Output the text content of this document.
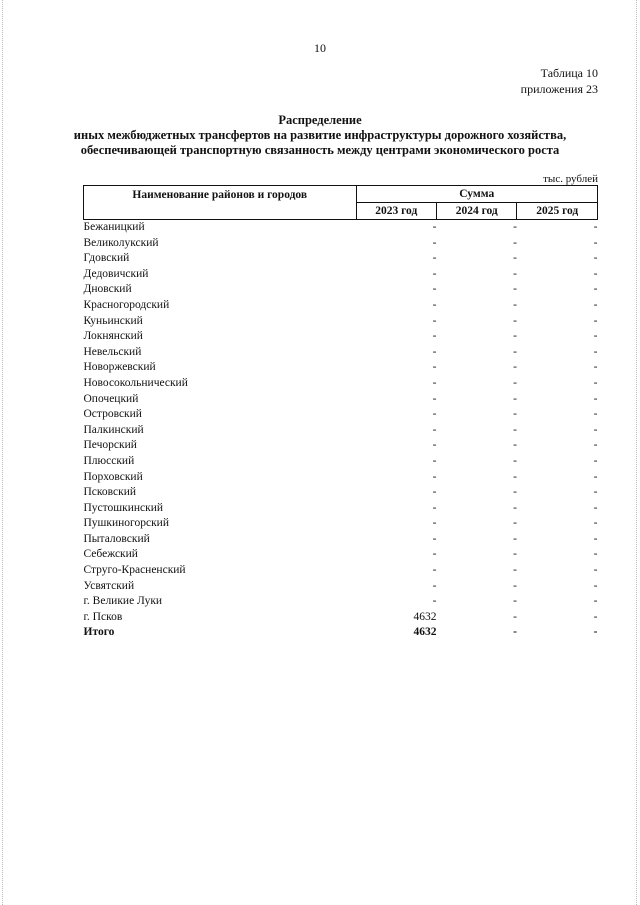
10
Таблица 10
приложения 23
Распределение
иных межбюджетных трансфертов на развитие инфраструктуры дорожного хозяйства,
обеспечивающей транспортную связанность между центрами экономического роста
тыс. рублей
Наименование районов и городов	Сумма		
	2023 год	2024 год	2025 год
Бежаницкий	-	-	-
Великолукский	-	-	-
Гдовский	-	-	-
Дедовичский	-	-	-
Дновский	-	-	-
Красногородский	-	-	-
Куньинский	-	-	-
Локнянский	-	-	-
Невельский	-	-	-
Новоржевский	-	-	-
Новосокольнический	-	-	-
Опочецкий	-	-	-
Островский	-	-	-
Палкинский	-	-	-
Печорский	-	-	-
Плюсский	-	-	-
Порховский	-	-	-
Псковский	-	-	-
Пустошкинский	-	-	-
Пушкиногорский	-	-	-
Пыталовский	-	-	-
Себежский	-	-	-
Струго-Красненский	-	-	-
Усвятский	-	-	-
г. Великие Луки	-	-	-
г. Псков	4632	-	-
Итого	4632	-	-
